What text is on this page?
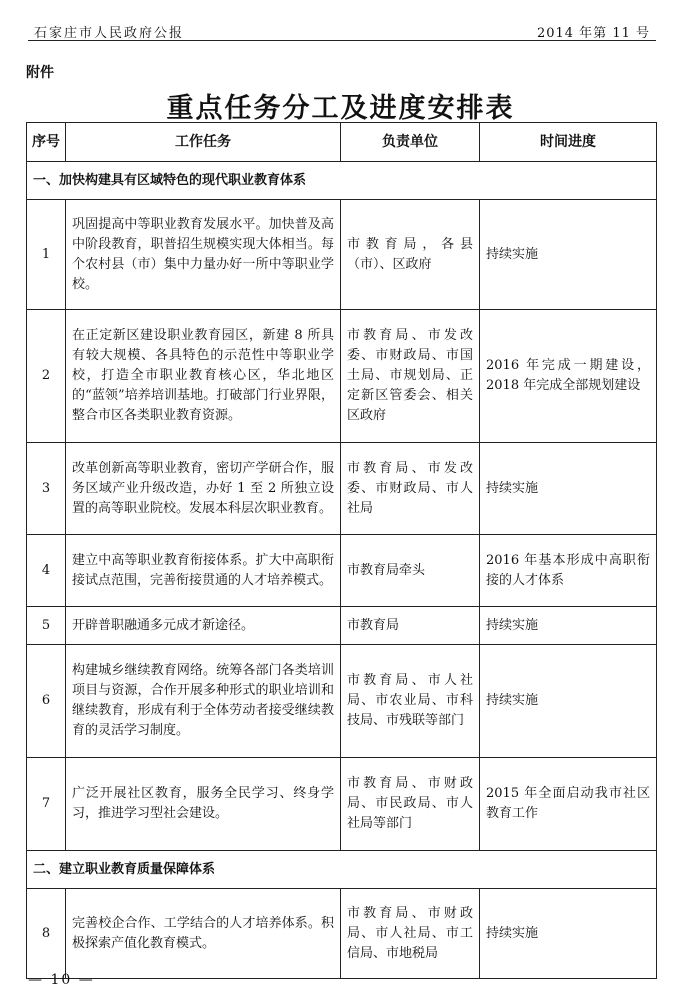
石家庄市人民政府公报	2014 年第 11 号
附件
重点任务分工及进度安排表
序号	工作任务	负责单位	时间进度
一、加快构建具有区域特色的现代职业教育体系			
1	巩固提高中等职业教育发展水平。加快普及高中阶段教育，职普招生规模实现大体相当。每个农村县（市）集中力量办好一所中等职业学校。	市教育局，各县（市）、区政府	持续实施
2	在正定新区建设职业教育园区，新建 8 所具有较大规模、各具特色的示范性中等职业学校，打造全市职业教育核心区，华北地区的“蓝领”培养培训基地。打破部门行业界限，整合市区各类职业教育资源。	市教育局、市发改委、市财政局、市国土局、市规划局、正定新区管委会、相关区政府	2016 年完成一期建设，2018 年完成全部规划建设
3	改革创新高等职业教育，密切产学研合作，服务区域产业升级改造，办好 1 至 2 所独立设置的高等职业院校。发展本科层次职业教育。	市教育局、市发改委、市财政局、市人社局	持续实施
4	建立中高等职业教育衔接体系。扩大中高职衔接试点范围，完善衔接贯通的人才培养模式。	市教育局牵头	2016 年基本形成中高职衔接的人才体系
5	开辟普职融通多元成才新途径。	市教育局	持续实施
6	构建城乡继续教育网络。统筹各部门各类培训项目与资源，合作开展多种形式的职业培训和继续教育，形成有利于全体劳动者接受继续教育的灵活学习制度。	市教育局、市人社局、市农业局、市科技局、市残联等部门	持续实施
7	广泛开展社区教育，服务全民学习、终身学习，推进学习型社会建设。	市教育局、市财政局、市民政局、市人社局等部门	2015 年全面启动我市社区教育工作
二、建立职业教育质量保障体系			
8	完善校企合作、工学结合的人才培养体系。积极探索产值化教育模式。	市教育局、市财政局、市人社局、市工信局、市地税局	持续实施
— 10 —
